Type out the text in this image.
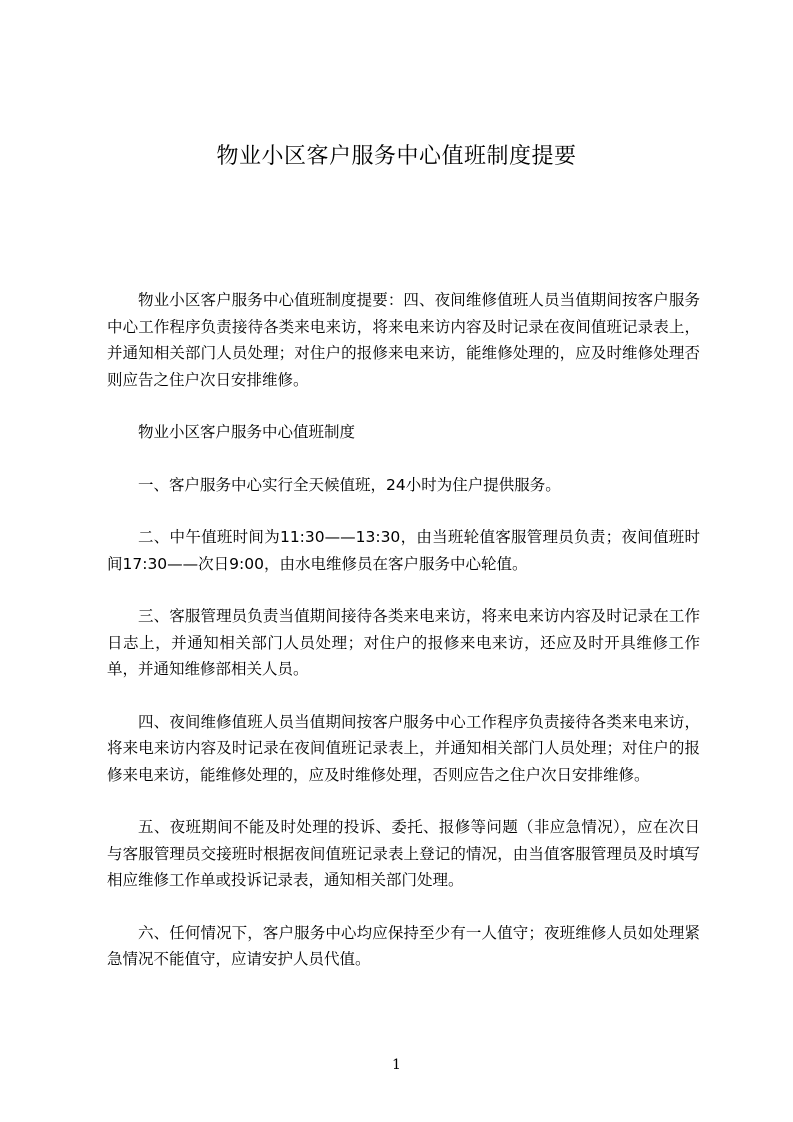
物业小区客户服务中心值班制度提要

物业小区客户服务中心值班制度提要：四、夜间维修值班人员当值期间按客户服务中心工作程序负责接待各类来电来访，将来电来访内容及时记录在夜间值班记录表上，并通知相关部门人员处理；对住户的报修来电来访，能维修处理的，应及时维修处理否则应告之住户次日安排维修。

物业小区客户服务中心值班制度

一、客户服务中心实行全天候值班，24小时为住户提供服务。

二、中午值班时间为11:30——13:30，由当班轮值客服管理员负责；夜间值班时间17:30——次日9:00，由水电维修员在客户服务中心轮值。

三、客服管理员负责当值期间接待各类来电来访，将来电来访内容及时记录在工作日志上，并通知相关部门人员处理；对住户的报修来电来访，还应及时开具维修工作单，并通知维修部相关人员。

四、夜间维修值班人员当值期间按客户服务中心工作程序负责接待各类来电来访，将来电来访内容及时记录在夜间值班记录表上，并通知相关部门人员处理；对住户的报修来电来访，能维修处理的，应及时维修处理，否则应告之住户次日安排维修。

五、夜班期间不能及时处理的投诉、委托、报修等问题（非应急情况），应在次日与客服管理员交接班时根据夜间值班记录表上登记的情况，由当值客服管理员及时填写相应维修工作单或投诉记录表，通知相关部门处理。

六、任何情况下，客户服务中心均应保持至少有一人值守；夜班维修人员如处理紧急情况不能值守，应请安护人员代值。

1
